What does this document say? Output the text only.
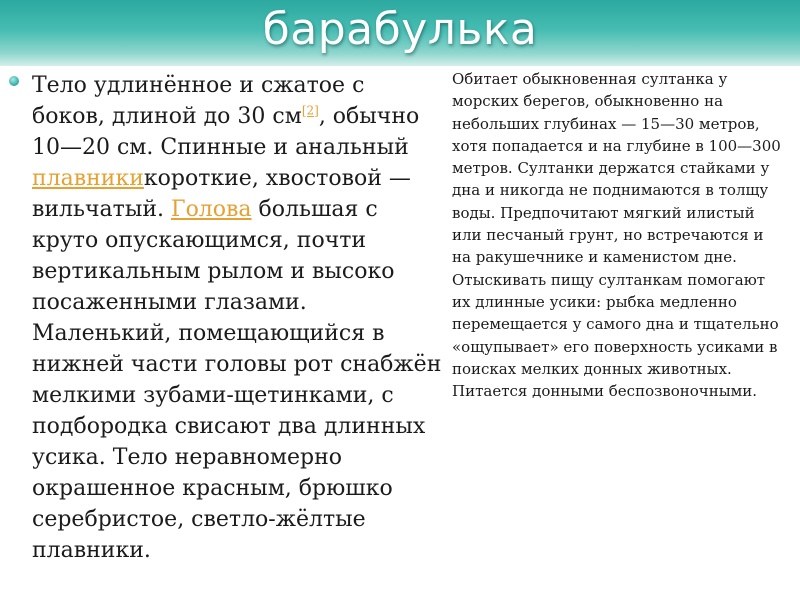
барабулька
Тело удлинённое и сжатое с боков, длиной до 30 см[2], обычно 10—20 см. Спинные и анальный плавникикороткие, хвостовой — вильчатый. Голова большая с круто опускающимся, почти вертикальным рылом и высоко посаженными глазами. Маленький, помещающийся в нижней части головы рот снабжён мелкими зубами-щетинками, с подбородка свисают два длинных усика. Тело неравномерно окрашенное красным, брюшко серебристое, светло-жёлтые плавники.
Обитает обыкновенная султанка у морских берегов, обыкновенно на небольших глубинах — 15—30 метров, хотя попадается и на глубине в 100—300 метров. Султанки держатся стайками у дна и никогда не поднимаются в толщу воды. Предпочитают мягкий илистый или песчаный грунт, но встречаются и на ракушечнике и каменистом дне. Отыскивать пищу султанкам помогают их длинные усики: рыбка медленно перемещается у самого дна и тщательно «ощупывает» его поверхность усиками в поисках мелких донных животных. Питается донными беспозвоночными.
